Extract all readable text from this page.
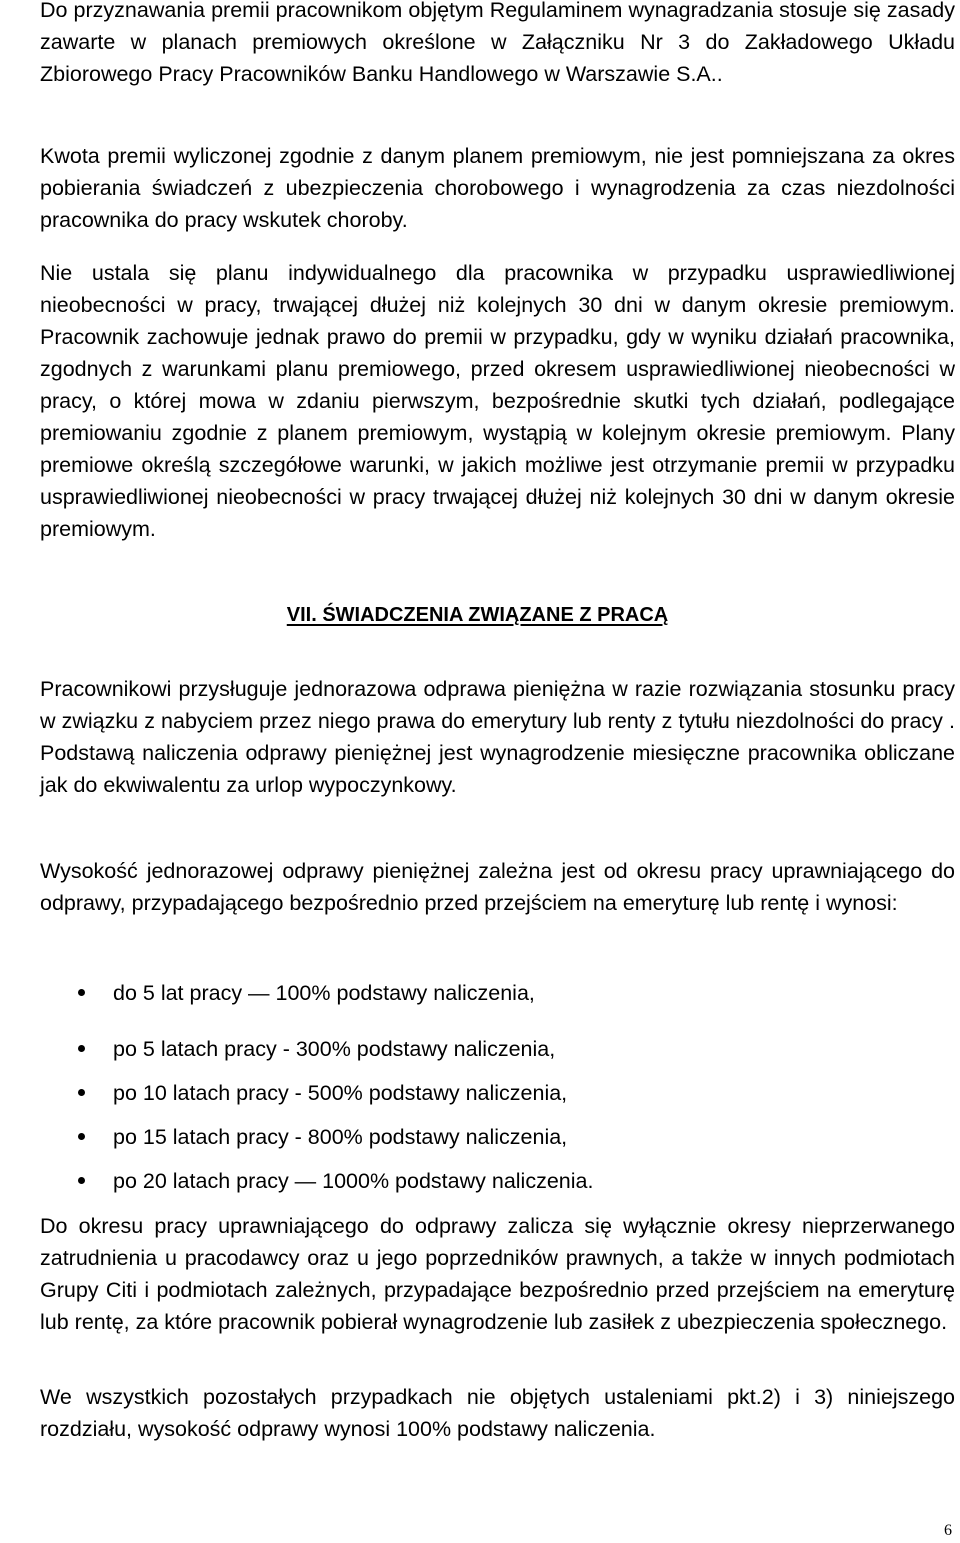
Do przyznawania premii pracownikom objętym Regulaminem wynagradzania stosuje się zasady zawarte w planach premiowych określone w Załączniku Nr 3 do Zakładowego Układu Zbiorowego Pracy Pracowników Banku Handlowego w Warszawie S.A..
Kwota premii wyliczonej zgodnie z danym planem premiowym, nie jest pomniejszana za okres pobierania świadczeń z ubezpieczenia chorobowego i wynagrodzenia za czas niezdolności pracownika do pracy wskutek choroby.
Nie ustala się planu indywidualnego dla pracownika w przypadku usprawiedliwionej nieobecności w pracy, trwającej dłużej niż kolejnych 30 dni w danym okresie premiowym. Pracownik zachowuje jednak prawo do premii w przypadku, gdy w wyniku działań pracownika, zgodnych z warunkami planu premiowego, przed okresem usprawiedliwionej nieobecności w pracy, o której mowa w zdaniu pierwszym, bezpośrednie skutki tych działań, podlegające premiowaniu zgodnie z planem premiowym, wystąpią w kolejnym okresie premiowym. Plany premiowe określą szczegółowe warunki, w jakich możliwe jest otrzymanie premii w przypadku usprawiedliwionej nieobecności w pracy trwającej dłużej niż kolejnych 30 dni w danym okresie premiowym.
VII. ŚWIADCZENIA ZWIĄZANE Z PRACĄ
Pracownikowi przysługuje jednorazowa odprawa pieniężna w razie rozwiązania stosunku pracy w związku z nabyciem przez niego prawa do emerytury lub renty z tytułu niezdolności do pracy . Podstawą naliczenia odprawy pieniężnej jest wynagrodzenie miesięczne pracownika obliczane jak do ekwiwalentu za urlop wypoczynkowy.
Wysokość jednorazowej odprawy pieniężnej zależna jest od okresu pracy uprawniającego do odprawy, przypadającego bezpośrednio przed przejściem na emeryturę lub rentę i wynosi:
do 5 lat pracy — 100% podstawy naliczenia,
po 5 latach pracy - 300% podstawy naliczenia,
po 10 latach pracy - 500% podstawy naliczenia,
po 15 latach pracy - 800% podstawy naliczenia,
po 20 latach pracy — 1000% podstawy naliczenia.
Do okresu pracy uprawniającego do odprawy zalicza się wyłącznie okresy nieprzerwanego zatrudnienia u pracodawcy oraz u jego poprzedników prawnych, a także w innych podmiotach Grupy Citi i podmiotach zależnych, przypadające bezpośrednio przed przejściem na emeryturę lub rentę, za które pracownik pobierał wynagrodzenie lub zasiłek z ubezpieczenia społecznego.
We wszystkich pozostałych przypadkach nie objętych ustaleniami pkt.2) i 3) niniejszego rozdziału, wysokość odprawy wynosi 100% podstawy naliczenia.
6
